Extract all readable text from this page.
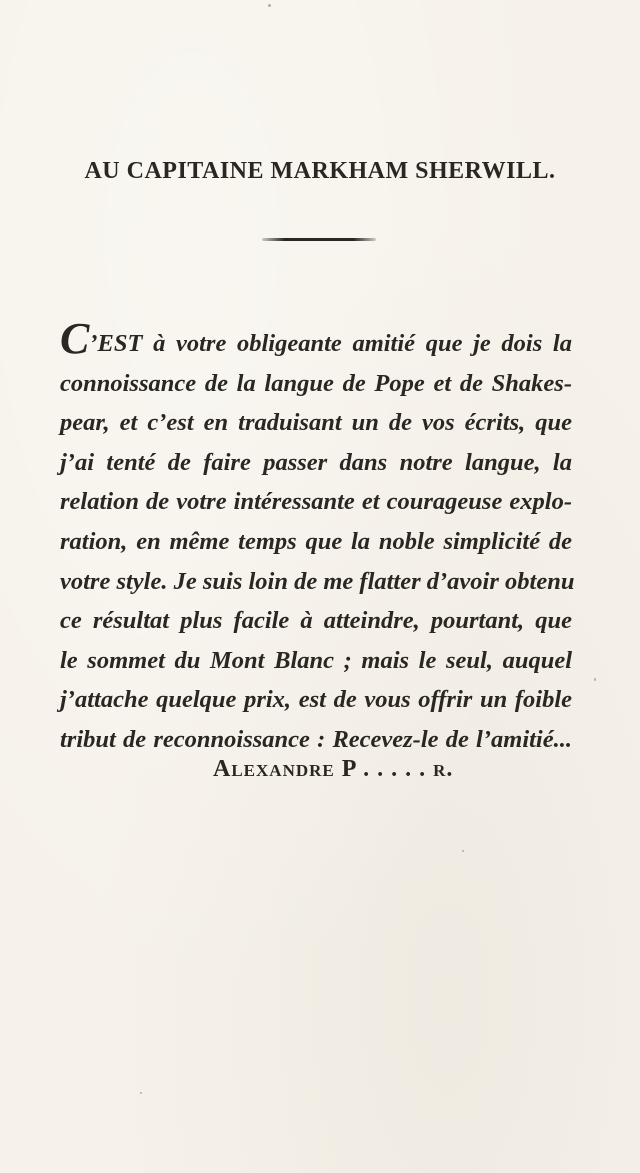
AU CAPITAINE MARKHAM SHERWILL.
C’EST à votre obligeante amitié que je dois la
connoissance de la langue de Pope et de Shakes-
pear, et c’est en traduisant un de vos écrits, que
j’ai tenté de faire passer dans notre langue, la
relation de votre intéressante et courageuse explo-
ration, en même temps que la noble simplicité de
votre style. Je suis loin de me flatter d’avoir obtenu
ce résultat plus facile à atteindre, pourtant, que
le sommet du Mont Blanc ; mais le seul, auquel
j’attache quelque prix, est de vous offrir un foible
tribut de reconnoissance : Recevez-le de l’amitié...
Alexandre P . . . . . r.
